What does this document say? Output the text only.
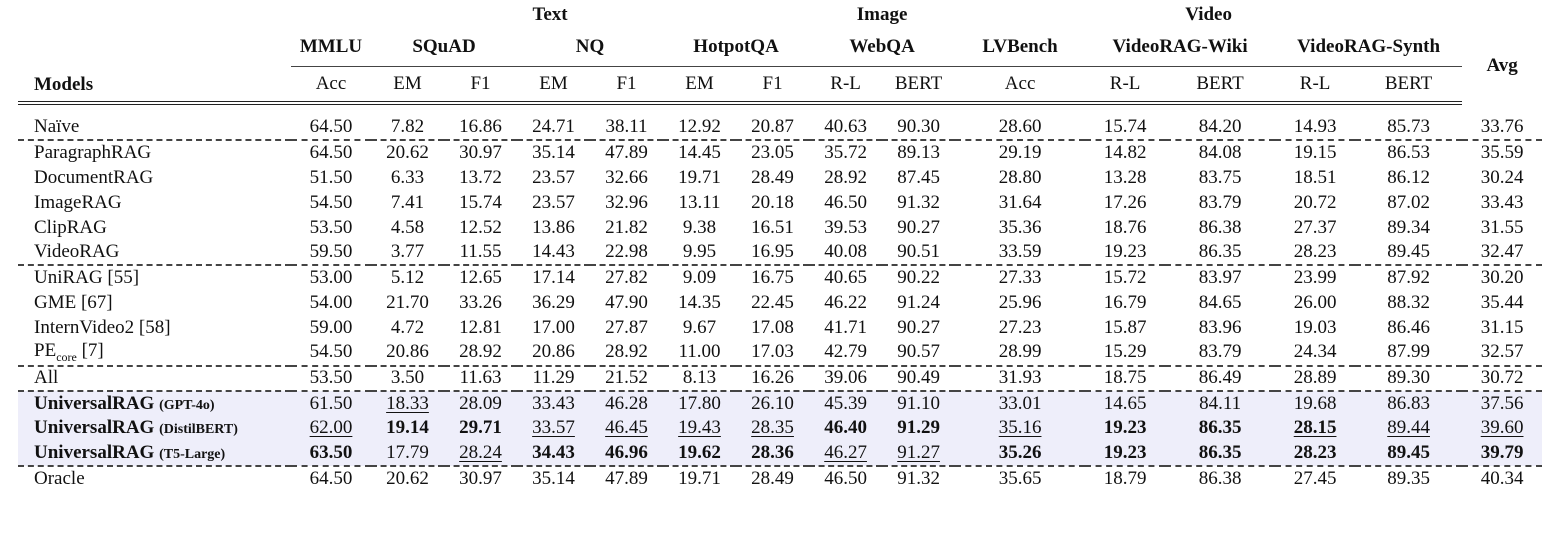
	Text							Image		Video					
	MMLU	SQuAD		NQ		HotpotQA		WebQA		LVBench	VideoRAG-Wiki		VideoRAG-Synth		Avg
Models	Acc	EM	F1	EM	F1	EM	F1	R-L	BERT	Acc	R-L	BERT	R-L	BERT	

Naïve	64.50	7.82	16.86	24.71	38.11	12.92	20.87	40.63	90.30	28.60	15.74	84.20	14.93	85.73	33.76
ParagraphRAG	64.50	20.62	30.97	35.14	47.89	14.45	23.05	35.72	89.13	29.19	14.82	84.08	19.15	86.53	35.59
DocumentRAG	51.50	6.33	13.72	23.57	32.66	19.71	28.49	28.92	87.45	28.80	13.28	83.75	18.51	86.12	30.24
ImageRAG	54.50	7.41	15.74	23.57	32.96	13.11	20.18	46.50	91.32	31.64	17.26	83.79	20.72	87.02	33.43
ClipRAG	53.50	4.58	12.52	13.86	21.82	9.38	16.51	39.53	90.27	35.36	18.76	86.38	27.37	89.34	31.55
VideoRAG	59.50	3.77	11.55	14.43	22.98	9.95	16.95	40.08	90.51	33.59	19.23	86.35	28.23	89.45	32.47
UniRAG [55]	53.00	5.12	12.65	17.14	27.82	9.09	16.75	40.65	90.22	27.33	15.72	83.97	23.99	87.92	30.20
GME [67]	54.00	21.70	33.26	36.29	47.90	14.35	22.45	46.22	91.24	25.96	16.79	84.65	26.00	88.32	35.44
InternVideo2 [58]	59.00	4.72	12.81	17.00	27.87	9.67	17.08	41.71	90.27	27.23	15.87	83.96	19.03	86.46	31.15
$PE_{core}$ [7]	54.50	20.86	28.92	20.86	28.92	11.00	17.03	42.79	90.57	28.99	15.29	83.79	24.34	87.99	32.57
All	53.50	3.50	11.63	11.29	21.52	8.13	16.26	39.06	90.49	31.93	18.75	86.49	28.89	89.30	30.72
UniversalRAG (GPT-4o)	61.50	18.33	28.09	33.43	46.28	17.80	26.10	45.39	91.10	33.01	14.65	84.11	19.68	86.83	37.56
UniversalRAG (DistilBERT)	62.00	19.14	29.71	33.57	46.45	19.43	28.35	46.40	91.29	35.16	19.23	86.35	28.15	89.44	39.60
UniversalRAG (T5-Large)	63.50	17.79	28.24	34.43	46.96	19.62	28.36	46.27	91.27	35.26	19.23	86.35	28.23	89.45	39.79
Oracle	64.50	20.62	30.97	35.14	47.89	19.71	28.49	46.50	91.32	35.65	18.79	86.38	27.45	89.35	40.34
